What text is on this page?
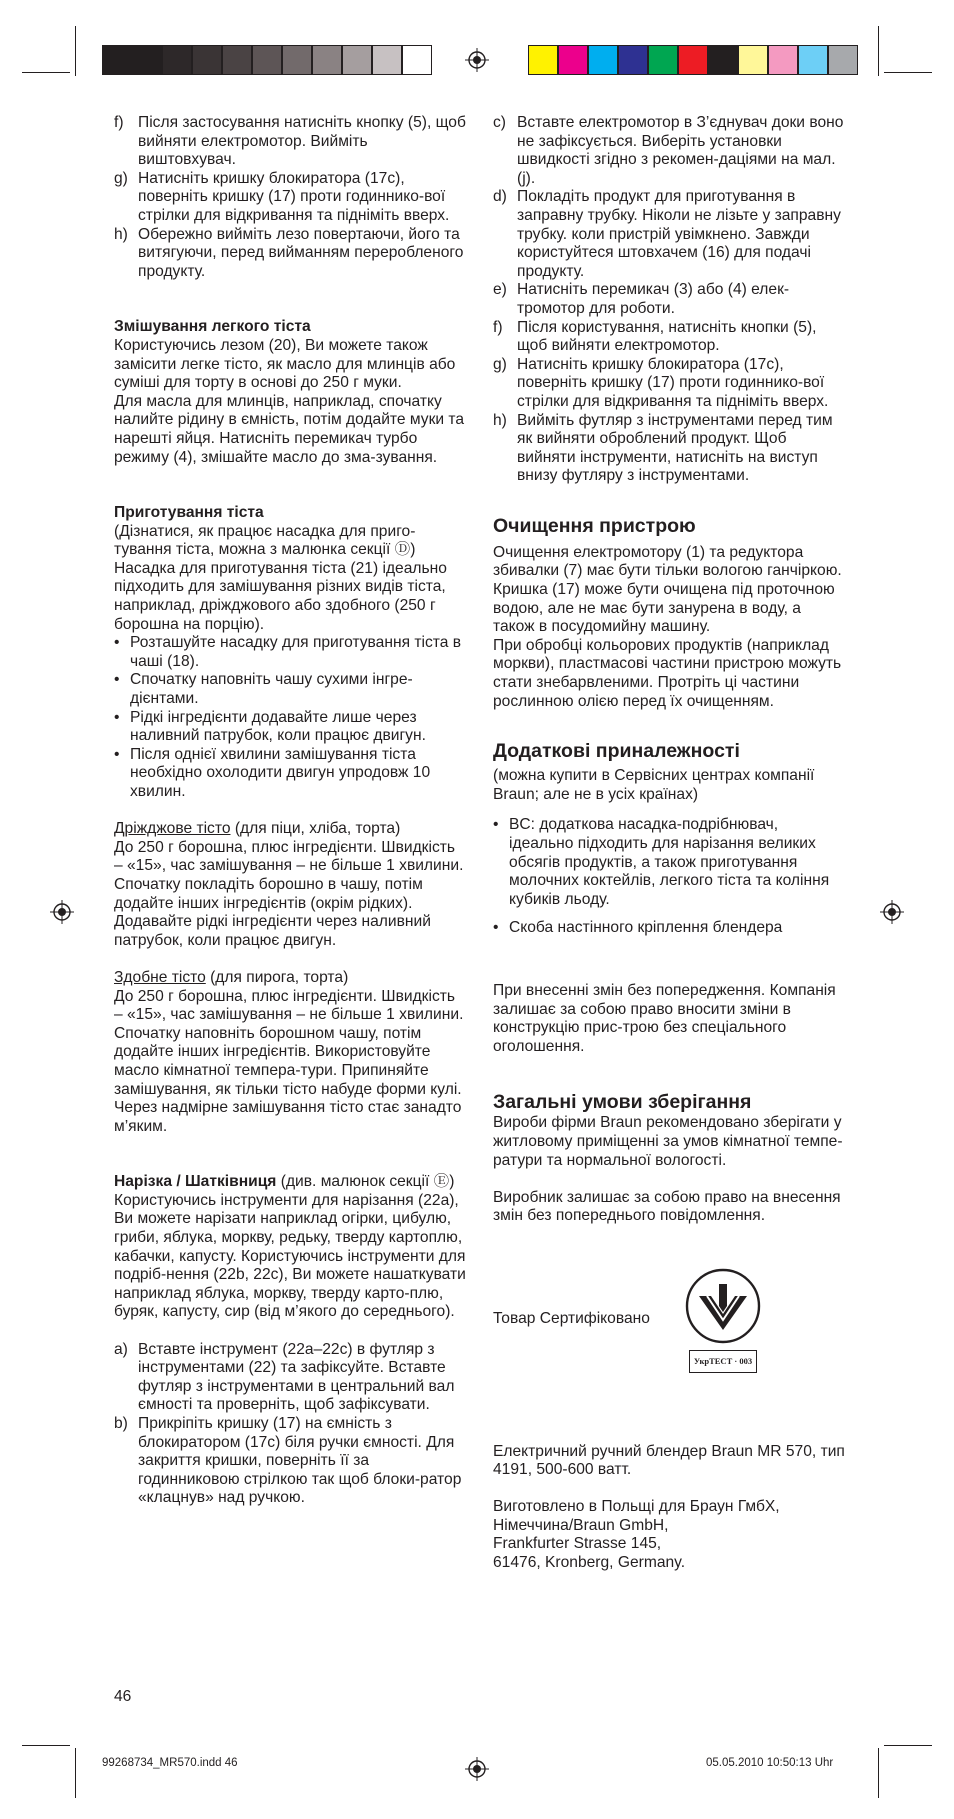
f) Після застосування натисніть кнопку (5), щоб вийняти електромотор. Вийміть виштовхувач.
g) Натисніть кришку блокиратора (17c), поверніть кришку (17) проти годиннико-вої стрілки для відкривання та підніміть вверх.
h) Обережно вийміть лезо повертаючи, його та витягуючи, перед вийманням переробленого продукту.

Змішування легкого тіста

Користуючись лезом (20), Ви можете також замісити легке тісто, як масло для млинців або суміші для торту в основі до 250 г муки.

Для масла для млинців, наприклад, спочатку налийте рідину в ємність, потім додайте муки та нарешті яйця. Натисніть перемикач турбо режиму (4), змішайте масло до зма-зування.

Приготування тіста

(Дізнатися, як працює насадка для приго-тування тіста, можна з малюнка секції Ⓓ) Насадка для приготування тіста (21) ідеально підходить для замішування різних видів тіста, наприклад, дріжджового або здобного (250 г борошна на порцію).

• Розташуйте насадку для приготування тіста в чаші (18).
• Спочатку наповніть чашу сухими інгре-дієнтами.
• Рідкі інгредієнти додавайте лише через наливний патрубок, коли працює двигун.
• Після однієї хвилини замішування тіста необхідно охолодити двигун упродовж 10 хвилин.

Дріжджове тісто (для піци, хліба, торта)

До 250 г борошна, плюс інгредієнти. Швидкість – «15», час замішування – не більше 1 хвилини. Спочатку покладіть борошно в чашу, потім додайте інших інгредієнтів (окрім рідких). Додавайте рідкі інгредієнти через наливний патрубок, коли працює двигун.

Здобне тісто (для пирога, торта)

До 250 г борошна, плюс інгредієнти. Швидкість – «15», час замішування – не більше 1 хвилини. Спочатку наповніть борошном чашу, потім додайте інших інгредієнтів. Використовуйте масло кімнатної темпера-тури. Припиняйте замішування, як тільки тісто набуде форми кулі. Через надмірне замішування тісто стає занадто м’яким.

Нарізка / Шатківниця (див. малюнок секції Ⓔ)

Користуючись інструменти для нарізання (22a), Ви можете нарізати наприклад огірки, цибулю, гриби, яблука, моркву, редьку, тверду картоплю, кабачки, капусту. Користуючись інструменти для подріб-нення (22b, 22c), Ви можете нашаткувати наприклад яблука, моркву, тверду карто-плю, буряк, капусту, сир (від м’якого до середнього).

a) Вставте інструмент (22a–22c) в футляр з інструментами (22) та зафіксуйте. Вставте футляр з інструментами в центральний вал ємності та проверніть, щоб зафіксувати.
b) Прикріпіть кришку (17) на ємність з блокиратором (17c) біля ручки ємності. Для закриття кришки, поверніть її за годинниковою стрілкою так щоб блоки-ратор «клацнув» над ручкою.
46
c) Вставте електромотор в З’єднувач доки воно не зафіксується. Виберіть установки швидкості згідно з рекомен-даціями на мал. (j).
d) Покладіть продукт для приготування в заправну трубку. Ніколи не лізьте у заправну трубку. коли пристрій увімкнено. Завжди користуйтеся штовхачем (16) для подачі продукту.
e) Натисніть перемикач (3) або (4) елек-тромотор для роботи.
f) Після користування, натисніть кнопки (5), щоб вийняти електромотор.
g) Натисніть кришку блокиратора (17c), поверніть кришку (17) проти годиннико-вої стрілки для відкривання та підніміть вверх.
h) Вийміть футляр з інструментами перед тим як вийняти оброблений продукт. Щоб вийняти інструменти, натисніть на виступ внизу футляру з інструментами.

Очищення пристрою

Очищення електромотору (1) та редуктора збивалки (7) має бути тільки вологою ганчіркою. Кришка (17) може бути очищена під проточною водою, але не має бути занурена в воду, а також в посудомийну машину.

При обробці кольорових продуктів (наприклад моркви), пластмасові частини пристрою можуть стати знебарвленими. Протріть ці частини рослинною олією перед їх очищенням.

Додаткові приналежності

(можна купити в Сервісних центрах компанії Braun; але не в усіх країнах)

• BC: додаткова насадка-подрібнювач, ідеально підходить для нарізання великих обсягів продуктів, а також приготування молочних коктейлів, легкого тіста та коління кубиків льоду.
• Скоба настінного кріплення блендера

При внесенні змін без попередження. Компанія залишає за собою право вносити зміни в конструкцію прис-трою без спеціального оголошення.

Загальні умови зберігання

Вироби фірми Braun рекомендовано зберігати у житловому приміщенні за умов кімнатної темпе-ратури та нормальної вологості.

Виробник залишає за собою право на внесення змін без попереднього повідомлення.

Товар Сертифіковано
УкрТЕСТ · 003

Електричний ручний блендер Braun MR 570, тип 4191, 500-600 ватт.

Виготовлено в Польщі для Браун ГмбХ,

Німеччина/Braun GmbH,

Frankfurter Strasse 145,

61476, Kronberg, Germany.

99268734_MR570.indd 46	05.05.2010 10:50:13 Uhr
